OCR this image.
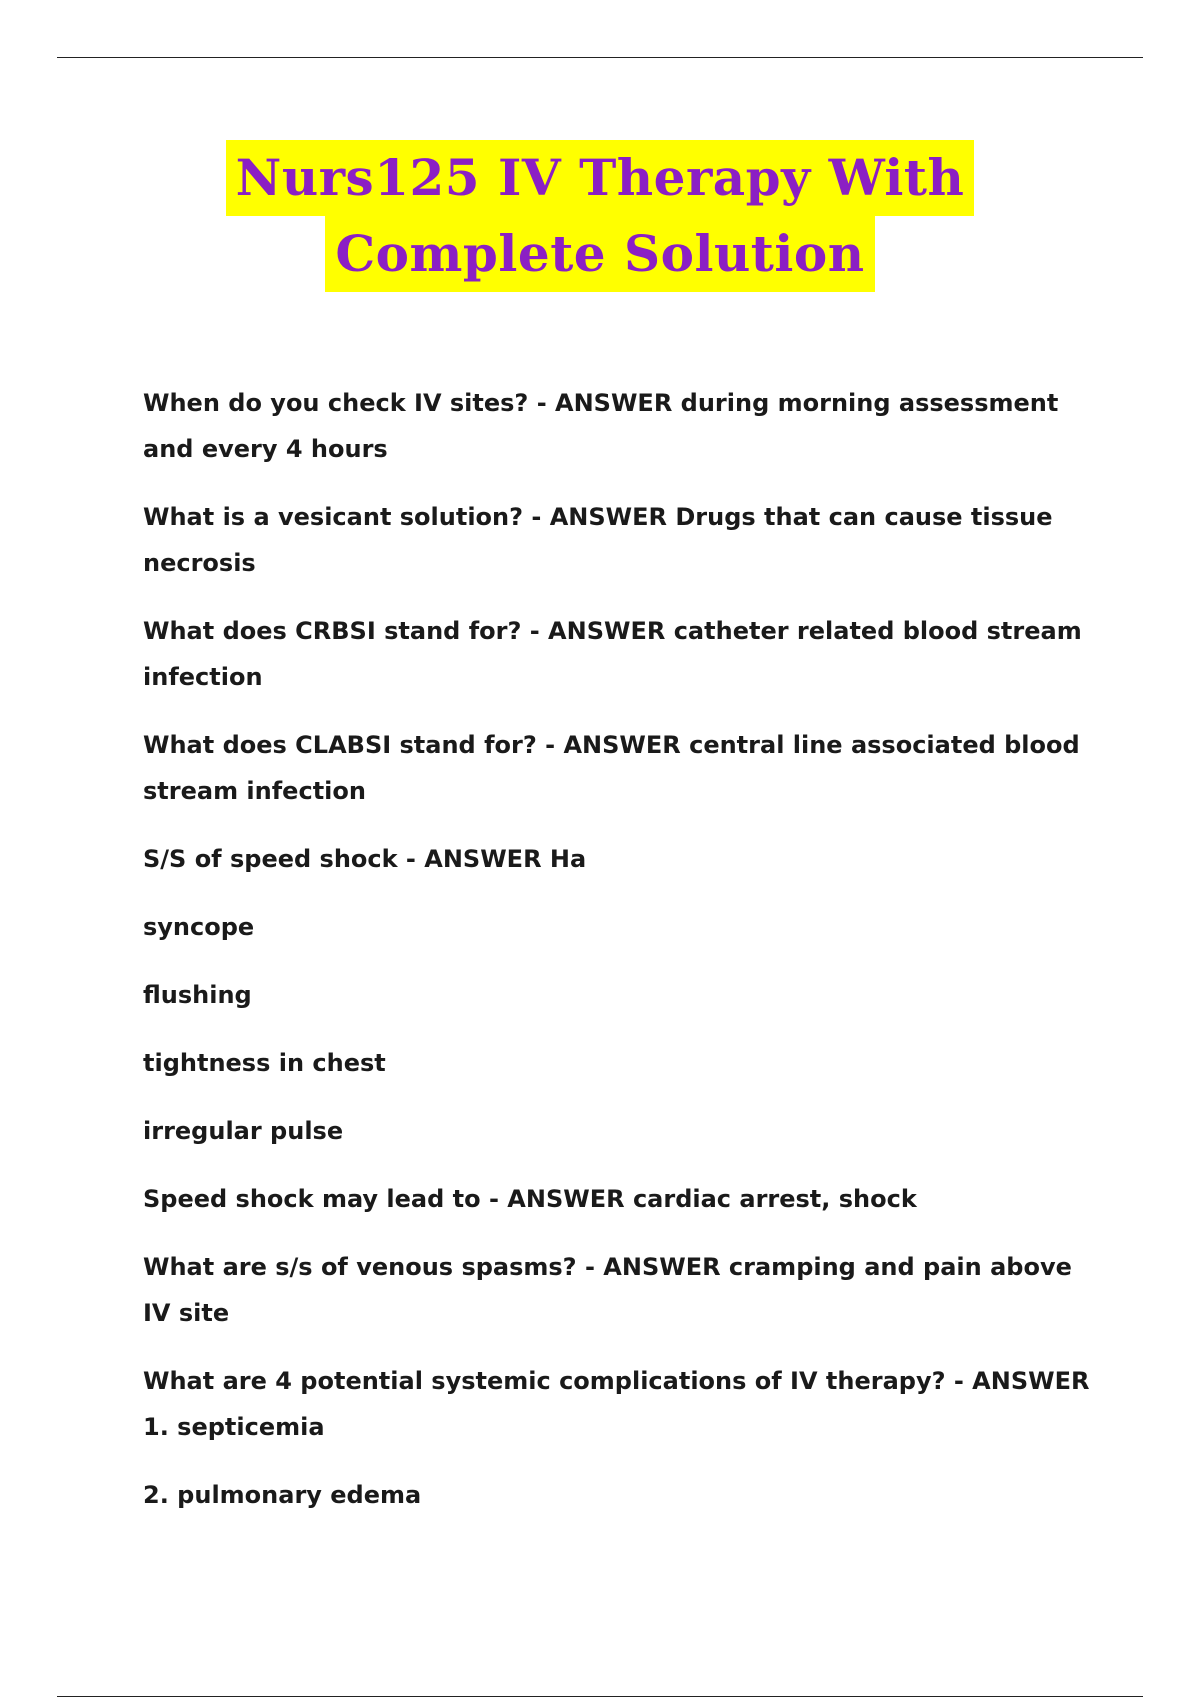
Nurs125 IV Therapy With
Complete Solution

When do you check IV sites? - ANSWER during morning assessment and every 4 hours

What is a vesicant solution? - ANSWER Drugs that can cause tissue necrosis

What does CRBSI stand for? - ANSWER catheter related blood stream infection

What does CLABSI stand for? - ANSWER central line associated blood stream infection

S/S of speed shock - ANSWER Ha

syncope

flushing

tightness in chest

irregular pulse

Speed shock may lead to - ANSWER cardiac arrest, shock

What are s/s of venous spasms? - ANSWER cramping and pain above IV site

What are 4 potential systemic complications of IV therapy? - ANSWER 1. septicemia

2. pulmonary edema
